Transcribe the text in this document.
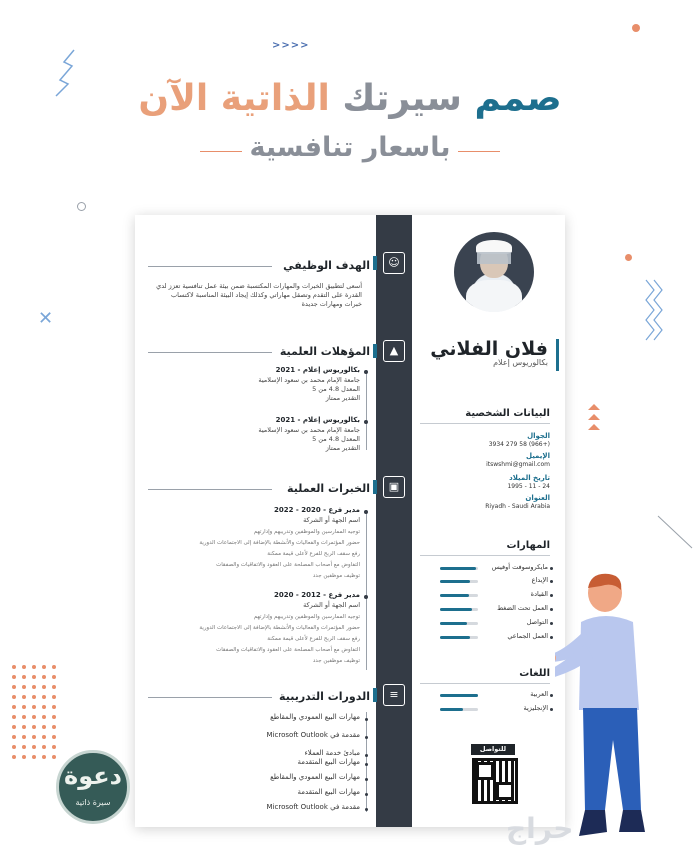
>>>>
صمم سيرتك الذاتية الآن
باسعار تنافسية
✕
☺
▲
▣
≡
الهدف الوظيفي
أسعى لتطبيق الخبرات والمهارات المكتسبة ضمن بيئة عمل تنافسية تعزز لدي القدرة على التقدم وتصقل مهاراتي وكذلك إيجاد البيئة المناسبة لاكتساب خبرات ومهارات جديدة
المؤهلات العلمية
بكالوريوس إعلام - 2021
جامعة الإمام محمد بن سعود الإسلامية
المعدل 4.8 من 5
التقدير ممتاز
بكالوريوس إعلام - 2021
جامعة الإمام محمد بن سعود الإسلامية
المعدل 4.8 من 5
التقدير ممتاز
الخبرات العملية
مدير فرع - 2020 - 2022
اسم الجهة أو الشركة
توجيه الممارسين والموظفين وتدريبهم وإدارتهم
حضور المؤتمرات والفعاليات والأنشطة بالإضافة إلى الاجتماعات الدورية
رفع سقف الربح للفرع لأعلى قيمة ممكنة
التفاوض مع أصحاب المصلحة على العقود والاتفاقيات والصفقات
توظيف موظفين جدد
مدير فرع - 2012 - 2020
اسم الجهة أو الشركة
توجيه الممارسين والموظفين وتدريبهم وإدارتهم
حضور المؤتمرات والفعاليات والأنشطة بالإضافة إلى الاجتماعات الدورية
رفع سقف الربح للفرع لأعلى قيمة ممكنة
التفاوض مع أصحاب المصلحة على العقود والاتفاقيات والصفقات
توظيف موظفين جدد
الدورات التدريبية
مهارات البيع العمودي والمقاطع
مقدمة في Microsoft Outlook
مبادئ خدمة العملاء
مهارات البيع المتقدمة
مهارات البيع العمودي والمقاطع
مهارات البيع المتقدمة
مقدمة في Microsoft Outlook
فلان الفلاني
بكالوريوس إعلام
البيانات الشخصية
الجوال
(+966) 58 279 3934
الإيميل
itswshmi@gmail.com
تاريخ الميلاد
24 - 11 - 1995
العنوان
Riyadh - Saudi Arabia
المهارات
مايكروسوفت أوفيس
الإبداع
القيادة
العمل تحت الضغط
التواصل
العمل الجماعي
اللغات
العربية
الإنجليزية
للتواصل
دعوة
سيرة ذاتية
حراج
